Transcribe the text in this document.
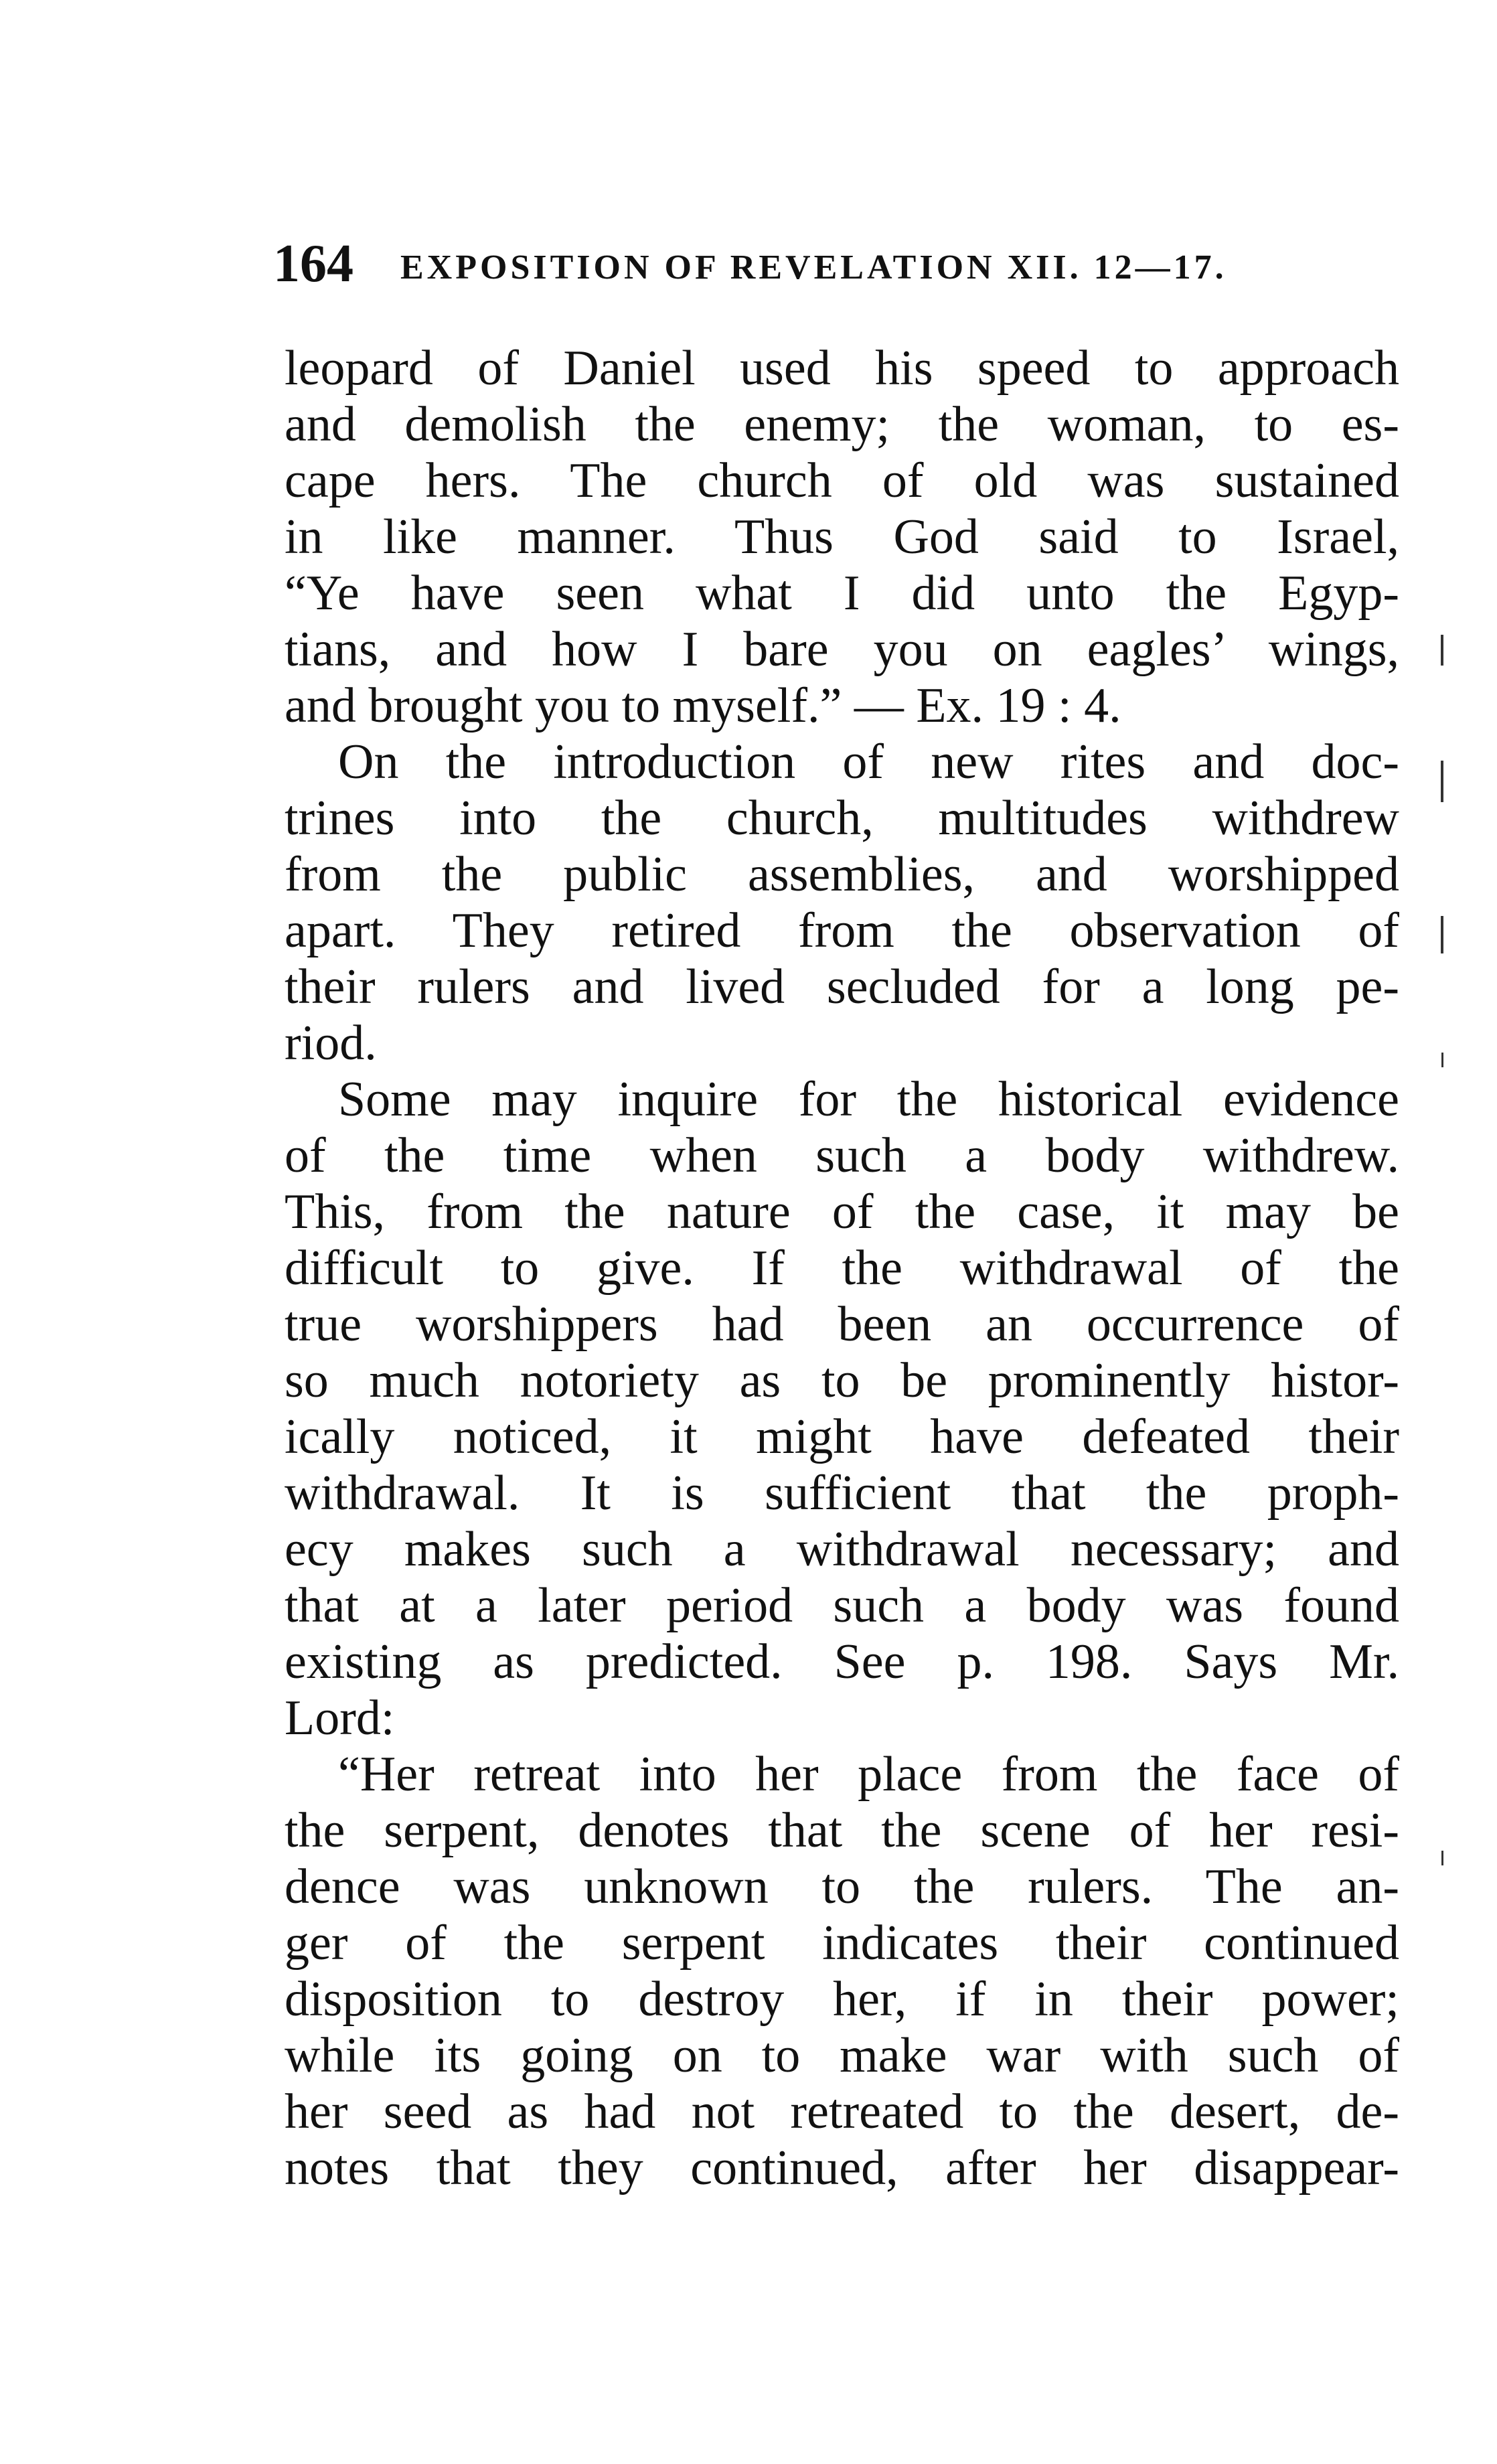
164 EXPOSITION OF REVELATION XII. 12—17.
leopard of Daniel used his speed to approach
and demolish the enemy; the woman, to es-
cape hers. The church of old was sustained
in like manner. Thus God said to Israel,
“Ye have seen what I did unto the Egyp-
tians, and how I bare you on eagles’ wings,
and brought you to myself.” — Ex. 19 : 4.
On the introduction of new rites and doc-
trines into the church, multitudes withdrew
from the public assemblies, and worshipped
apart. They retired from the observation of
their rulers and lived secluded for a long pe-
riod.
Some may inquire for the historical evidence
of the time when such a body withdrew.
This, from the nature of the case, it may be
difficult to give. If the withdrawal of the
true worshippers had been an occurrence of
so much notoriety as to be prominently histor-
ically noticed, it might have defeated their
withdrawal. It is sufficient that the proph-
ecy makes such a withdrawal necessary; and
that at a later period such a body was found
existing as predicted. See p. 198. Says Mr.
Lord:
“Her retreat into her place from the face of
the serpent, denotes that the scene of her resi-
dence was unknown to the rulers. The an-
ger of the serpent indicates their continued
disposition to destroy her, if in their power;
while its going on to make war with such of
her seed as had not retreated to the desert, de-
notes that they continued, after her disappear-
